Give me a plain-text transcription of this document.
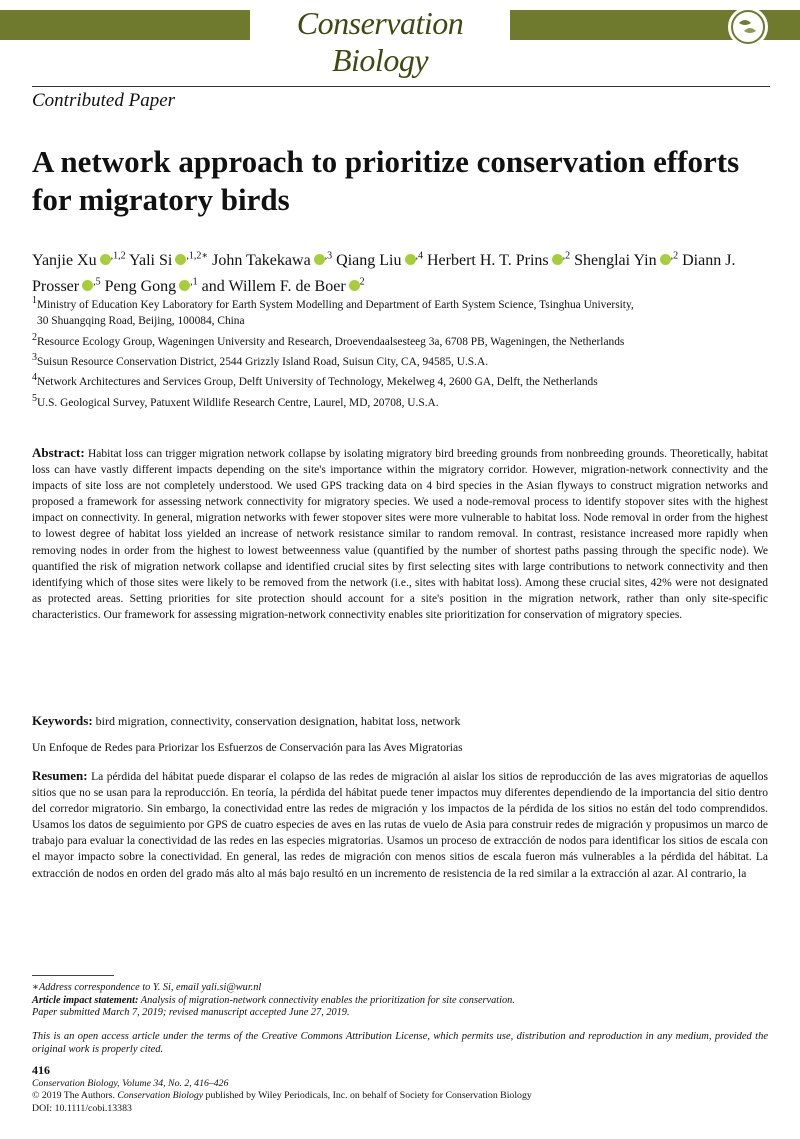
Conservation Biology
Contributed Paper
A network approach to prioritize conservation efforts for migratory birds
Yanjie Xu $^{,1,2}$ Yali Si $^{,1,2∗}$ John Takekawa $^{,3}$ Qiang Liu $^{,4}$ Herbert H. T. Prins $^{,2}$ Shenglai Yin $^{,2}$ Diann J. Prosser $^{,5}$ Peng Gong $^{,1}$ and Willem F. de Boer $^2$
$^1$Ministry of Education Key Laboratory for Earth System Modelling and Department of Earth System Science, Tsinghua University,
30 Shuangqing Road, Beijing, 100084, China
$^2$Resource Ecology Group, Wageningen University and Research, Droevendaalsesteeg 3a, 6708 PB, Wageningen, the Netherlands
$^3$Suisun Resource Conservation District, 2544 Grizzly Island Road, Suisun City, CA, 94585, U.S.A.
$^4$Network Architectures and Services Group, Delft University of Technology, Mekelweg 4, 2600 GA, Delft, the Netherlands
$^5$U.S. Geological Survey, Patuxent Wildlife Research Centre, Laurel, MD, 20708, U.S.A.
Abstract: Habitat loss can trigger migration network collapse by isolating migratory bird breeding grounds from nonbreeding grounds. Theoretically, habitat loss can have vastly different impacts depending on the site's importance within the migratory corridor. However, migration-network connectivity and the impacts of site loss are not completely understood. We used GPS tracking data on 4 bird species in the Asian flyways to construct migration networks and proposed a framework for assessing network connectivity for migratory species. We used a node-removal process to identify stopover sites with the highest impact on connectivity. In general, migration networks with fewer stopover sites were more vulnerable to habitat loss. Node removal in order from the highest to lowest degree of habitat loss yielded an increase of network resistance similar to random removal. In contrast, resistance increased more rapidly when removing nodes in order from the highest to lowest betweenness value (quantified by the number of shortest paths passing through the specific node). We quantified the risk of migration network collapse and identified crucial sites by first selecting sites with large contributions to network connectivity and then identifying which of those sites were likely to be removed from the network (i.e., sites with habitat loss). Among these crucial sites, 42% were not designated as protected areas. Setting priorities for site protection should account for a site's position in the migration network, rather than only site-specific characteristics. Our framework for assessing migration-network connectivity enables site prioritization for conservation of migratory species.
Keywords: bird migration, connectivity, conservation designation, habitat loss, network
Un Enfoque de Redes para Priorizar los Esfuerzos de Conservación para las Aves Migratorias
Resumen: La pérdida del hábitat puede disparar el colapso de las redes de migración al aislar los sitios de reproducción de las aves migratorias de aquellos sitios que no se usan para la reproducción. En teoría, la pérdida del hábitat puede tener impactos muy diferentes dependiendo de la importancia del sitio dentro del corredor migratorio. Sin embargo, la conectividad entre las redes de migración y los impactos de la pérdida de los sitios no están del todo comprendidos. Usamos los datos de seguimiento por GPS de cuatro especies de aves en las rutas de vuelo de Asia para construir redes de migración y propusimos un marco de trabajo para evaluar la conectividad de las redes en las especies migratorias. Usamos un proceso de extracción de nodos para identificar los sitios de escala con el mayor impacto sobre la conectividad. En general, las redes de migración con menos sitios de escala fueron más vulnerables a la pérdida del hábitat. La extracción de nodos en orden del grado más alto al más bajo resultó en un incremento de resistencia de la red similar a la extracción al azar. Al contrario, la
∗Address correspondence to Y. Si, email yali.si@wur.nl
Article impact statement: Analysis of migration-network connectivity enables the prioritization for site conservation.
Paper submitted March 7, 2019; revised manuscript accepted June 27, 2019.
This is an open access article under the terms of the Creative Commons Attribution License, which permits use, distribution and reproduction in any medium, provided the original work is properly cited.
416
Conservation Biology, Volume 34, No. 2, 416–426
© 2019 The Authors. Conservation Biology published by Wiley Periodicals, Inc. on behalf of Society for Conservation Biology
DOI: 10.1111/cobi.13383
